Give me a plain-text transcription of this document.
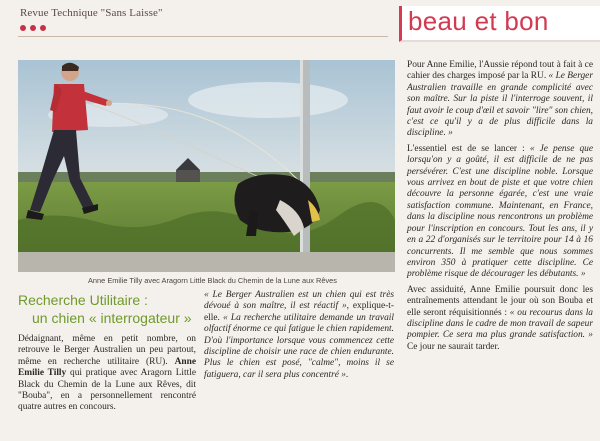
Revue Technique "Sans Laisse"	beau et bon
Anne Emilie Tilly avec Aragorn Little Black du Chemin de la Lune aux Rêves
Recherche Utilitaire :
un chien « interrogateur »

Dédaignant, même en petit nombre, on retrouve le Berger Australien un peu partout, même en recherche utilitaire (RU). Anne Emilie Tilly qui pratique avec Aragorn Little Black du Chemin de la Lune aux Rêves, dit "Bouba", en a personnellement rencontré quatre autres en concours.

« Le Berger Australien est un chien qui est très dévoué à son maître, il est réactif », explique-t-elle. « La recherche utilitaire demande un travail olfactif énorme ce qui fatigue le chien rapidement. D'où l'importance lorsque vous commencez cette discipline de choisir une race de chien endurante. Plus le chien est posé, "calme", moins il se fatiguera, car il sera plus concentré ».

Pour Anne Emilie, l'Aussie répond tout à fait à ce cahier des charges imposé par la RU. « Le Berger Australien travaille en grande complicité avec son maître. Sur la piste il l'interroge souvent, il faut avoir le coup d'œil et savoir "lire" son chien, c'est ce qu'il y a de plus difficile dans la discipline. »

L'essentiel est de se lancer : « Je pense que lorsqu'on y a goûté, il est difficile de ne pas persévérer. C'est une discipline noble. Lorsque vous arrivez en bout de piste et que votre chien découvre la personne égarée, c'est une vraie satisfaction commune. Maintenant, en France, dans la discipline nous rencontrons un problème pour l'inscription en concours. Tout les ans, il y en a 22 d'organisés sur le territoire pour 14 à 16 concurrents. Il me semble que nous sommes environ 350 à pratiquer cette discipline. Ce problème risque de décourager les débutants. »

Avec assiduité, Anne Emilie poursuit donc les entraînements attendant le jour où son Bouba et elle seront réquisitionnés : « ou recourus dans la discipline dans le cadre de mon travail de sapeur pompier. Ce sera ma plus grande satisfaction. » Ce jour ne saurait tarder.
